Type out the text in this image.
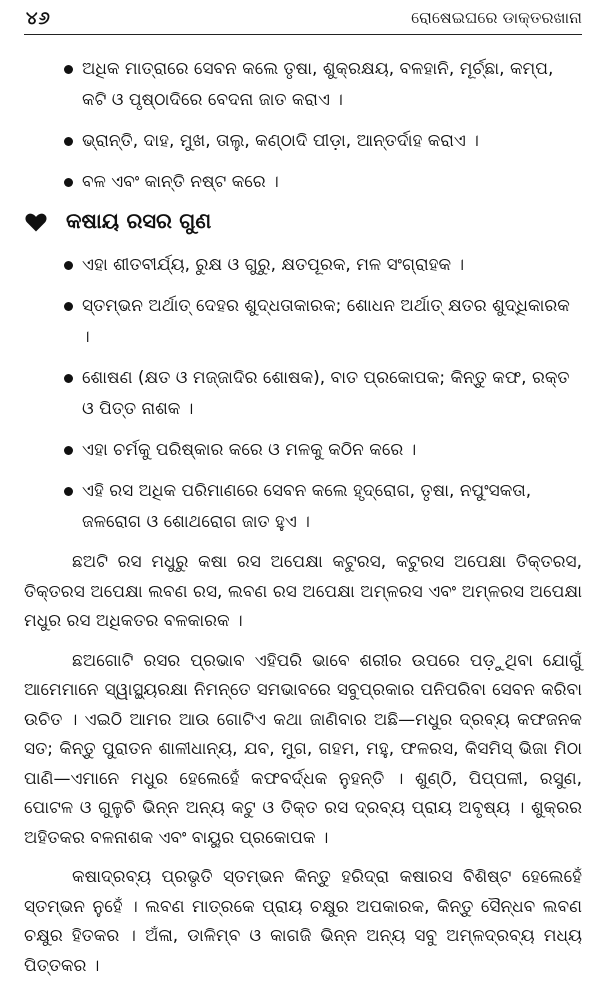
୪୬	ରୋଷେଇଘରେ ଡାକ୍ତରଖାନା
ଅଧିକ ମାତ୍ରାରେ ସେବନ କଲେ ତୃଷା, ଶୁକ୍ରକ୍ଷୟ, ବଳହାନି, ମୂର୍ଚ୍ଛା, କମ୍ପ, କଟି ଓ ପୃଷ୍ଠାଦିରେ ବେଦନା ଜାତ କରାଏ ।
ଭ୍ରାନ୍ତି, ଦାହ, ମୁଖ, ତାଲୁ, କଣ୍ଠାଦି ପୀଡ଼ା, ଆନ୍ତର୍ଦାହ କରାଏ ।
ବଳ ଏବଂ କାନ୍ତି ନଷ୍ଟ କରେ ।
କଷାୟ ରସର ଗୁଣ
ଏହା ଶୀତବୀର୍ଯ୍ୟ, ରୁକ୍ଷ ଓ ଗୁରୁ, କ୍ଷତପୂରକ, ମଳ ସଂଗ୍ରାହକ ।
ସ୍ତମ୍ଭନ ଅର୍ଥାତ୍ ଦେହର ଶୁଦ୍ଧତାକାରକ; ଶୋଧନ ଅର୍ଥାତ୍ କ୍ଷତର ଶୁଦ୍ଧିକାରକ ।
ଶୋଷଣ (କ୍ଷତ ଓ ମଜ୍ଜାଦିର ଶୋଷକ), ବାତ ପ୍ରକୋପକ; କିନ୍ତୁ କଫ, ରକ୍ତ ଓ ପିତ୍ତ ନାଶକ ।
ଏହା ଚର୍ମକୁ ପରିଷ୍କାର କରେ ଓ ମଳକୁ କଠିନ କରେ ।
ଏହି ରସ ଅଧିକ ପରିମାଣରେ ସେବନ କଲେ ହୃଦ୍‌ରୋଗ, ତୃଷା, ନପୁଂସକତା, ଜଳରୋଗ ଓ ଶୋଥରୋଗ ଜାତ ହୁଏ ।

ଛଅଟି ରସ ମଧୁରୁ କଷା ରସ ଅପେକ୍ଷା କଟୁରସ, କଟୁରସ ଅପେକ୍ଷା ତିକ୍ତରସ, ତିକ୍ତରସ ଅପେକ୍ଷା ଲବଣ ରସ, ଲବଣ ରସ ଅପେକ୍ଷା ଅମ୍ଳରସ ଏବଂ ଅମ୍ଳରସ ଅପେକ୍ଷା ମଧୁର ରସ ଅଧିକତର ବଳକାରକ ।

ଛଅଗୋଟି ରସର ପ୍ରଭାବ ଏହିପରି ଭାବେ ଶରୀର ଉପରେ ପଡ଼ୁଥିବା ଯୋଗୁଁ ଆମେମାନେ ସ୍ୱାସ୍ଥ୍ୟରକ୍ଷା ନିମନ୍ତେ ସମଭାବରେ ସବୁପ୍ରକାର ପନିପରିବା ସେବନ କରିବା ଉଚିତ । ଏଇଠି ଆମର ଆଉ ଗୋଟିଏ କଥା ଜାଣିବାର ଅଛି—ମଧୁର ଦ୍ରବ୍ୟ କଫଜନକ ସତ; କିନ୍ତୁ ପୁରାତନ ଶାଳୀଧାନ୍ୟ, ଯବ, ମୁଗ, ଗହମ, ମହୁ, ଫଳରସ, କିସମିସ୍ ଭିଜା ମିଠା ପାଣି—ଏମାନେ ମଧୁର ହେଲେହେଁ କଫବର୍ଦ୍ଧକ ନୁହନ୍ତି । ଶୁଣ୍ଠି, ପିପ୍ପଳୀ, ରସୁଣ, ପୋଟଳ ଓ ଗୁଳୁଚି ଭିନ୍ନ ଅନ୍ୟ କଟୁ ଓ ତିକ୍ତ ରସ ଦ୍ରବ୍ୟ ପ୍ରାୟ ଅବୃଷ୍ୟ । ଶୁକ୍ରର ଅହିତକର ବଳନାଶକ ଏବଂ ବାୟୁର ପ୍ରକୋପକ ।

କଷାଦ୍ରବ୍ୟ ପ୍ରଭୃତି ସ୍ତମ୍ଭନ କିନ୍ତୁ ହରିଦ୍ରା କଷାରସ ବିଶିଷ୍ଟ ହେଲେହେଁ ସ୍ତମ୍ଭନ ନୁହେଁ । ଲବଣ ମାତ୍ରକେ ପ୍ରାୟ ଚକ୍ଷୁର ଅପକାରକ, କିନ୍ତୁ ସୈନ୍ଧବ ଲବଣ ଚକ୍ଷୁର ହିତକର । ଅଁଳା, ଡାଳିମ୍ବ ଓ କାଗଜି ଭିନ୍ନ ଅନ୍ୟ ସବୁ ଅମ୍ଳଦ୍ରବ୍ୟ ମଧ୍ୟ ପିତ୍ତକର ।
